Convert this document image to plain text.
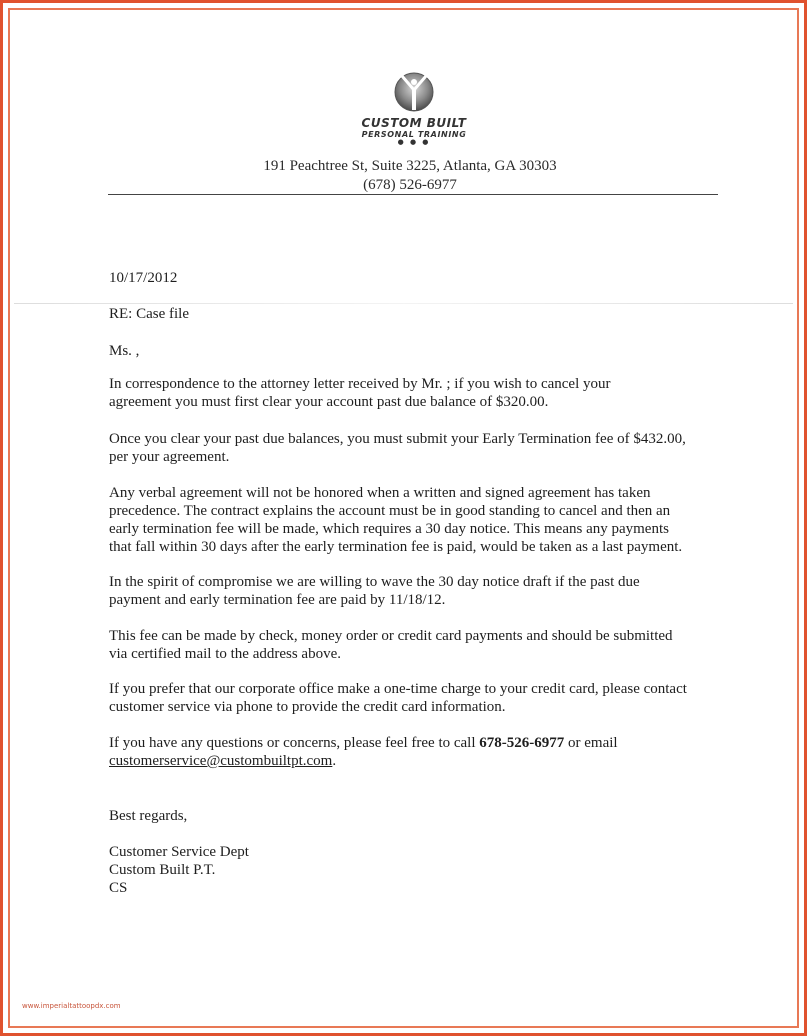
CUSTOM BUILT
PERSONAL TRAINING
● ● ●
191 Peachtree St, Suite 3225, Atlanta, GA 30303
(678) 526-6977
10/17/2012
RE: Case file
Ms. ,
In correspondence to the attorney letter received by Mr. ; if you wish to cancel your
agreement you must first clear your account past due balance of $320.00.
Once you clear your past due balances, you must submit your Early Termination fee of $432.00,
per your agreement.
Any verbal agreement will not be honored when a written and signed agreement has taken
precedence. The contract explains the account must be in good standing to cancel and then an
early termination fee will be made, which requires a 30 day notice. This means any payments
that fall within 30 days after the early termination fee is paid, would be taken as a last payment.
In the spirit of compromise we are willing to wave the 30 day notice draft if the past due
payment and early termination fee are paid by 11/18/12.
This fee can be made by check, money order or credit card payments and should be submitted
via certified mail to the address above.
If you prefer that our corporate office make a one-time charge to your credit card, please contact
customer service via phone to provide the credit card information.
If you have any questions or concerns, please feel free to call 678-526-6977 or email
customerservice@custombuiltpt.com.
Best regards,
Customer Service Dept
Custom Built P.T.
CS
www.imperialtattoopdx.com
